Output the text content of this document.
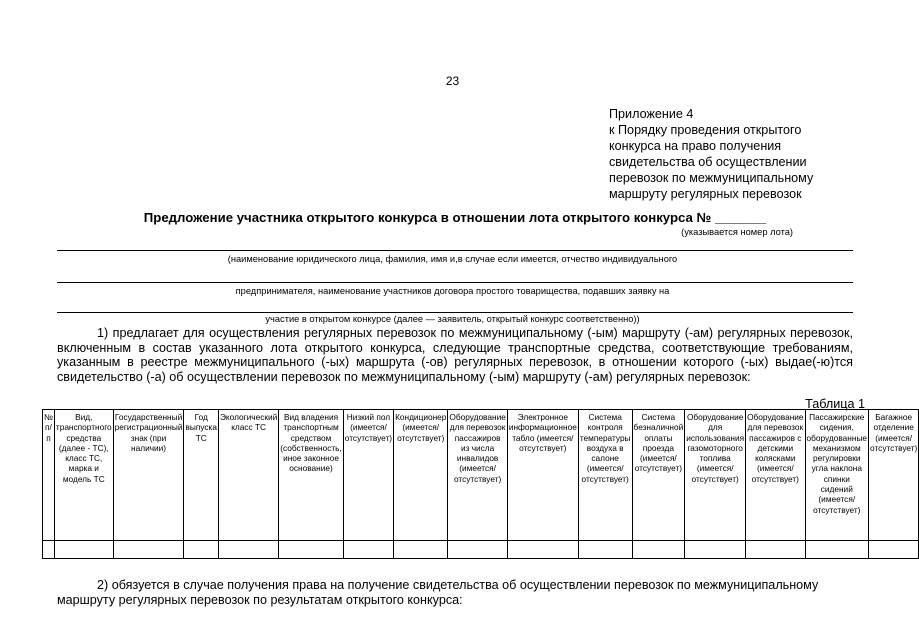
23
Приложение 4
к Порядку проведения открытого
конкурса на право получения
свидетельства об осуществлении
перевозок по межмуниципальному
маршруту регулярных перевозок
Предложение участника открытого конкурса в отношении лота открытого конкурса № _______
(указывается номер лота)
(наименование юридического лица, фамилия, имя и,в случае если имеется, отчество индивидуального
предпринимателя, наименование участников договора простого товарищества, подавших заявку на
участие в открытом конкурсе (далее — заявитель, открытый конкурс соответственно))
1) предлагает для осуществления регулярных перевозок по межмуниципальному (-ым) маршруту (-ам) регулярных перевозок, включенным в состав указанного лота открытого конкурса, следующие транспортные средства, соответствующие требованиям, указанным в реестре межмуниципального (-ых) маршрута (-ов) регулярных перевозок, в отношении которого (-ых) выдае(-ю)тся свидетельство (-а) об осуществлении перевозок по межмуниципальному (-ым) маршруту (-ам) регулярных перевозок:
Таблица 1
№ п/п	Вид, транспортного средства (далее - ТС), класс ТС, марка и модель ТС	Государственный регистрационный знак (при наличии)	Год выпуска ТС	Экологический класс ТС	Вид владения транспортным средством (собственность, иное законное основание)	Низкий пол (имеется/ отсутствует)	Кондиционер (имеется/ отсутствует)	Оборудование для перевозок пассажиров из числа инвалидов (имеется/ отсутствует)	Электронное информационное табло (имеется/ отсутствует)	Система контроля температуры воздуха в салоне (имеется/ отсутствует)	Система безналичной оплаты проезда (имеется/ отсутствует)	Оборудование для использования газомоторного топлива (имеется/ отсутствует)	Оборудование для перевозок пассажиров с детскими колясками (имеется/ отсутствует)	Пассажирские сидения, оборудованные механизмом регулировки угла наклона спинки сидений (имеется/ отсутствует)	Багажное отделение (имеется/ отсутствует)

2) обязуется в случае получения права на получение свидетельства об осуществлении перевозок по межмуниципальному маршруту регулярных перевозок по результатам открытого конкурса:
